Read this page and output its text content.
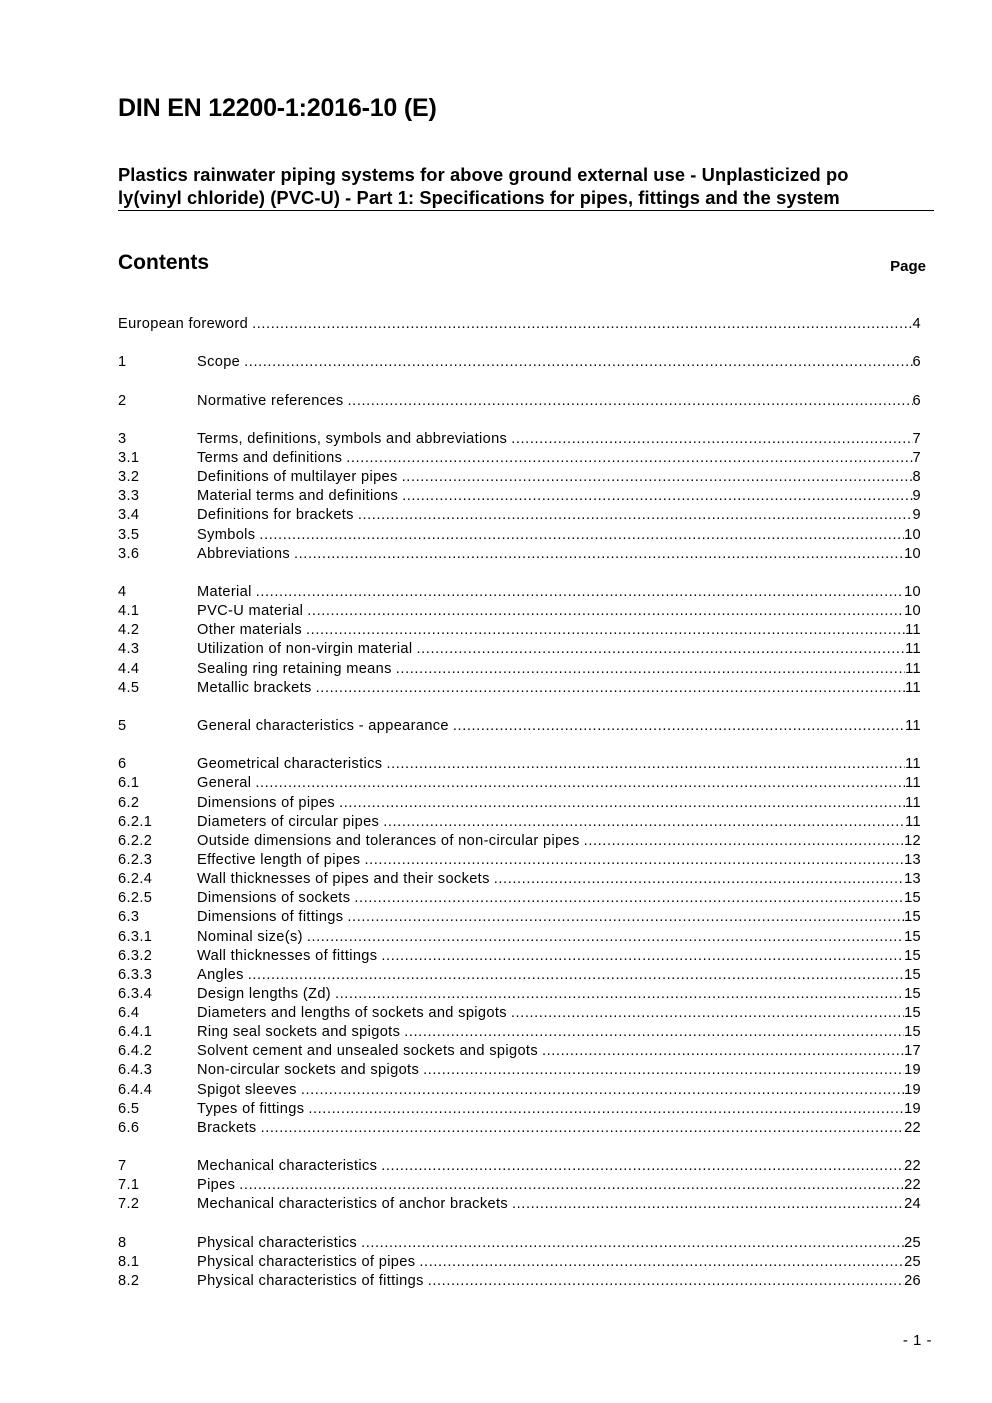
DIN EN 12200-1:2016-10 (E)
Plastics rainwater piping systems for above ground external use - Unplasticized po
ly(vinyl chloride) (PVC-U) - Part 1: Specifications for pipes, fittings and the system
Contents	Page
European foreword .....	4
1	Scope .....	6
2	Normative references .....	6
3	Terms, definitions, symbols and abbreviations .....	7
3.1	Terms and definitions .....	7
3.2	Definitions of multilayer pipes .....	8
3.3	Material terms and definitions .....	9
3.4	Definitions for brackets .....	9
3.5	Symbols .....	10
3.6	Abbreviations .....	10
4	Material .....	10
4.1	PVC-U material .....	10
4.2	Other materials .....	11
4.3	Utilization of non-virgin material .....	11
4.4	Sealing ring retaining means .....	11
4.5	Metallic brackets .....	11
5	General characteristics - appearance .....	11
6	Geometrical characteristics .....	11
6.1	General .....	11
6.2	Dimensions of pipes .....	11
6.2.1	Diameters of circular pipes .....	11
6.2.2	Outside dimensions and tolerances of non-circular pipes .....	12
6.2.3	Effective length of pipes .....	13
6.2.4	Wall thicknesses of pipes and their sockets .....	13
6.2.5	Dimensions of sockets .....	15
6.3	Dimensions of fittings .....	15
6.3.1	Nominal size(s) .....	15
6.3.2	Wall thicknesses of fittings .....	15
6.3.3	Angles .....	15
6.3.4	Design lengths (Zd) .....	15
6.4	Diameters and lengths of sockets and spigots .....	15
6.4.1	Ring seal sockets and spigots .....	15
6.4.2	Solvent cement and unsealed sockets and spigots .....	17
6.4.3	Non-circular sockets and spigots .....	19
6.4.4	Spigot sleeves .....	19
6.5	Types of fittings .....	19
6.6	Brackets .....	22
7	Mechanical characteristics .....	22
7.1	Pipes .....	22
7.2	Mechanical characteristics of anchor brackets .....	24
8	Physical characteristics .....	25
8.1	Physical characteristics of pipes .....	25
8.2	Physical characteristics of fittings .....	26
- 1 -
